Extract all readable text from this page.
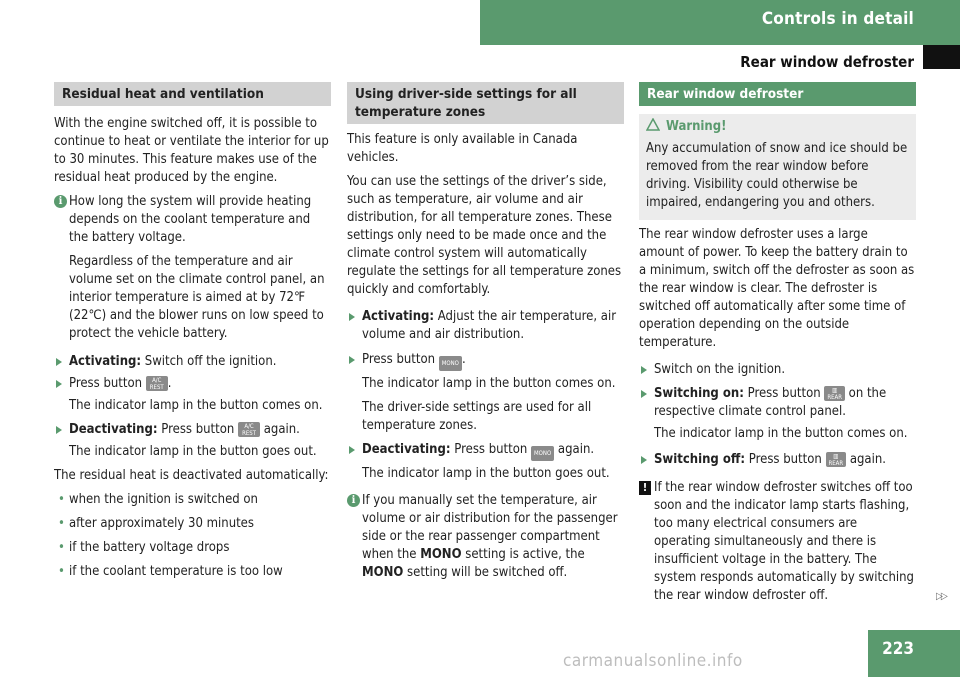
Controls in detail
Rear window defroster
Residual heat and ventilation

With the engine switched off, it is possible to continue to heat or ventilate the interior for up to 30 minutes. This feature makes use of the residual heat produced by the engine.

i How long the system will provide heating depends on the coolant temperature and the battery voltage.

Regardless of the temperature and air volume set on the climate control panel, an interior temperature is aimed at by 72℉ (22℃) and the blower runs on low speed to protect the vehicle battery.

Activating: Switch off the ignition.
Press button A/C
REST .

The indicator lamp in the button comes on.

Deactivating: Press button A/C
REST again.

The indicator lamp in the button goes out.

The residual heat is deactivated automatically:

• when the ignition is switched on
• after approximately 30 minutes
• if the battery voltage drops
• if the coolant temperature is too low
Using driver-side settings for all temperature zones

This feature is only available in Canada vehicles.

You can use the settings of the driver’s side, such as temperature, air volume and air distribution, for all temperature zones. These settings only need to be made once and the climate control system will automatically regulate the settings for all temperature zones quickly and comfortably.

Activating: Adjust the air temperature, air volume and air distribution.
Press button MONO .

The indicator lamp in the button comes on.

The driver-side settings are used for all temperature zones.

Deactivating: Press button MONO again.

The indicator lamp in the button goes out.

i If you manually set the temperature, air volume or air distribution for the passenger side or the rear passenger compartment when the MONO setting is active, the MONO setting will be switched off.
Rear window defroster
Warning!

Any accumulation of snow and ice should be removed from the rear window before driving. Visibility could otherwise be impaired, endangering you and others.

The rear window defroster uses a large amount of power. To keep the battery drain to a minimum, switch off the defroster as soon as the rear window is clear. The defroster is switched off automatically after some time of operation depending on the outside temperature.

Switch on the ignition.
Switching on: Press button ▥
REAR on the respective climate control panel.

The indicator lamp in the button comes on.

Switching off: Press button ▥
REAR again.
! If the rear window defroster switches off too soon and the indicator lamp starts flashing, too many electrical consumers are operating simultaneously and there is insufficient voltage in the battery. The system responds automatically by switching the rear window defroster off.	▷▷
carmanualsonline.info
223
